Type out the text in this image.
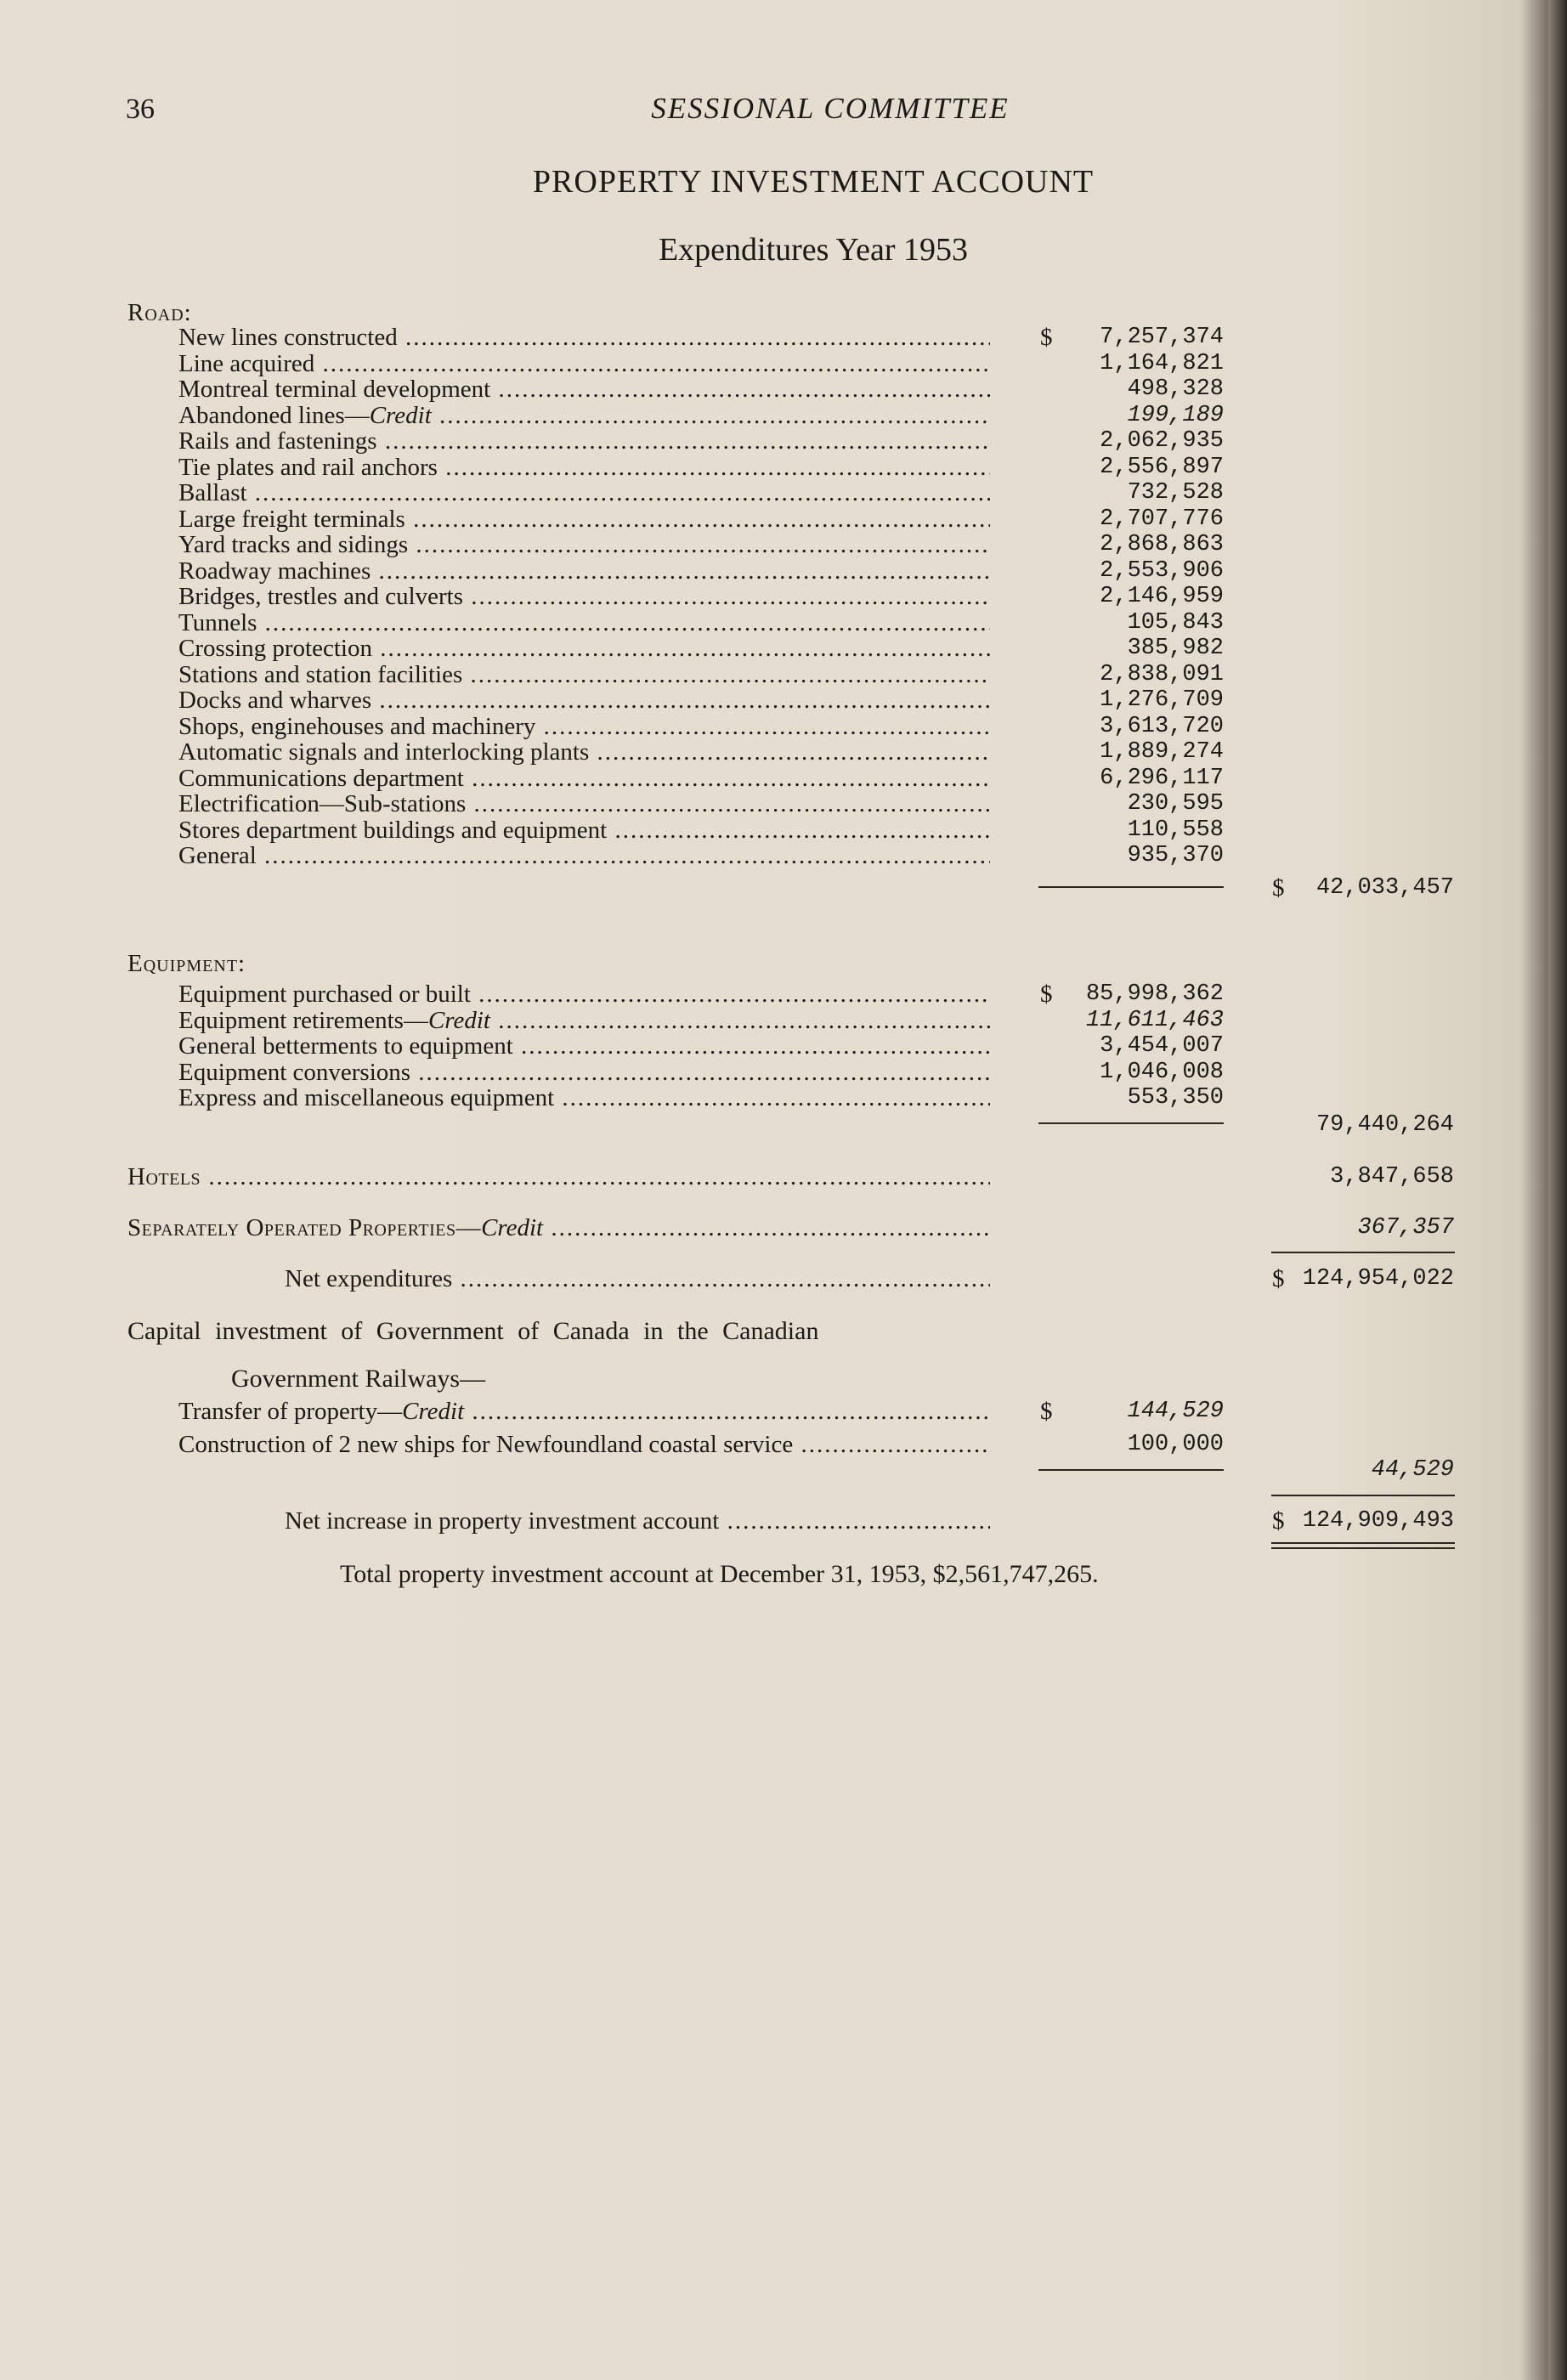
36	SESSIONAL COMMITTEE
PROPERTY INVESTMENT ACCOUNT
Expenditures Year 1953
Road:
New lines constructed .....	$	7,257,374
Line acquired .....	1,164,821
Montreal terminal development .....	498,328
Abandoned lines—Credit .....	199,189
Rails and fastenings .....	2,062,935
Tie plates and rail anchors .....	2,556,897
Ballast .....	732,528
Large freight terminals .....	2,707,776
Yard tracks and sidings .....	2,868,863
Roadway machines .....	2,553,906
Bridges, trestles and culverts .....	2,146,959
Tunnels .....	105,843
Crossing protection .....	385,982
Stations and station facilities .....	2,838,091
Docks and wharves .....	1,276,709
Shops, enginehouses and machinery .....	3,613,720
Automatic signals and interlocking plants .....	1,889,274
Communications department .....	6,296,117
Electrification—Sub-stations .....	230,595
Stores department buildings and equipment .....	110,558
General .....	935,370
$	42,033,457
Equipment:
Equipment purchased or built .....	$	85,998,362
Equipment retirements—Credit .....	11,611,463
General betterments to equipment .....	3,454,007
Equipment conversions .....	1,046,008
Express and miscellaneous equipment .....	553,350
79,440,264
Hotels .....	3,847,658
Separately Operated Properties—Credit .....	367,357
Net expenditures .....	$ 124,954,022
Capital investment of Government of Canada in the Canadian
Government Railways—
Transfer of property—Credit .....	$	144,529
Construction of 2 new ships for Newfoundland coastal service .....	100,000
44,529
Net increase in property investment account .....	$ 124,909,493
Total property investment account at December 31, 1953, $2,561,747,265.
